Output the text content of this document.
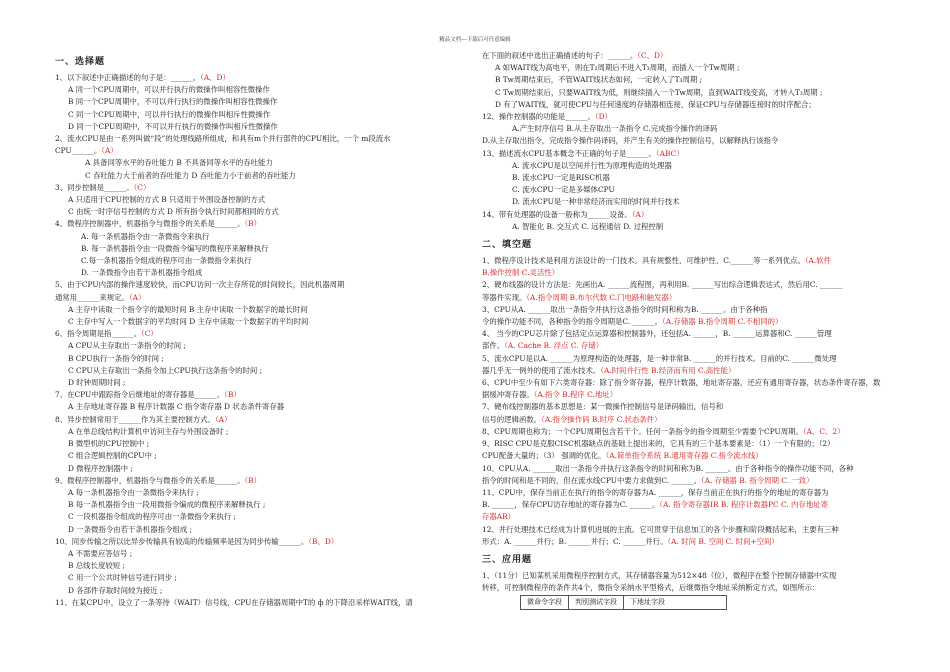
精品文档---下载后可任意编辑
一、选择题
1、以下叙述中正确描述的句子是：______。（A、D）
A 同一个CPU周期中，可以并行执行的微操作叫相容性微操作
B 同一个CPU周期中，不可以并行执行的微操作叫相容性微操作
C 同一个CPU周期中，可以并行执行的微操作叫相斥性微操作
D 同一个CPU周期中，不可以并行执行的微操作叫相斥性微操作
2、流水CPU是由一系列叫做“段”的处理线路所组成，和具有m个并行部件的CPU相比，一个 m段流水
CPU______。（A）
A 具备同等水平的吞吐能力 B 不具备同等水平的吞吐能力
C 吞吐能力大于前者的吞吐能力 D 吞吐能力小于前者的吞吐能力
3、同步控制是______。（C）
A 只适用于CPU控制的方式 B 只适用于外围设备控制的方式
C 由统一时序信号控制的方式 D 所有指令执行时间都相同的方式
4、微程序控制器中，机器指令与微指令的关系是______。（B）
A. 每一条机器指令由一条微指令来执行
B. 每一条机器指令由一段微指令编写的微程序来解释执行
C.每一条机器指令组成的程序可由一条微指令来执行
D. 一条微指令由若干条机器指令组成
5、由于CPU内部的操作速度较快，而CPU访问一次主存所花的时间较长，因此机器周期
通常用______来规定。（A）
A 主存中读取一个指令字的最短时间 B 主存中读取一个数据字的最长时间
C 主存中写入一个数据字的平均时间 D 主存中读取一个数据字的平均时间
6、指令周期是指______。（C）
A CPU从主存取出一条指令的时间 ;
B CPU执行一条指令的时间 ;
C CPU从主存取出一条指令加上CPU执行这条指令的时间 ;
D 时钟周期时间 ;
7、在CPU中跟踪指令后继地址的寄存器是______。（B）
A 主存地址寄存器 B 程序计数器 C 指令寄存器 D 状态条件寄存器
8、异步控制常用于______作为其主要控制方式。（A）
A 在单总线结构计算机中访问主存与外围设备时 ;
B 微型机的CPU控制中 ;
C 组合逻辑控制的CPU中 ;
D 微程序控制器中 ;
9、微程序控制器中，机器指令与微指令的关系是______。（B）
A 每一条机器指令由一条微指令来执行 ;
B 每一条机器指令由一段用微指令编成的微程序来解释执行 ;
C 一段机器指令组成的程序可由一条微指令来执行 ;
D 一条微指令由若干条机器指令组成 ;
10、同步传输之所以比异步传输具有较高的传输频率是因为同步传输______。（B、D）
A 不需要应答信号 ;
B 总线长度较短 ;
C 用一个公共时钟信号进行同步 ;
D 各部件存取时间较为接近 ;
11、在某CPU中，设立了一条等待（WAIT）信号线，CPU在存储器周期中T的 ф 的下降沿采样WAIT线，请
在下面的叙述中选出正确描述的句子：______。（C、D）
A 如WAIT线为高电平，则在T₂周期后不进入T₃周期，而插入一个Tw周期 ;
B Tw周期结束后，不管WAIT线状态如何，一定转入了T₃周期 ;
C Tw周期结束后，只要WAIT线为低，则继续插入一个Tw周期，直到WAIT线变高，才转入T₃周期 ;
D 有了WAIT线，就可使CPU与任何速度的存储器相连接，保证CPU与存储器连接时的时序配合；
12、操作控制器的功能是______。（D）
A.产生时序信号 B.从主存取出一条指令 C.完成指令操作的译码
D.从主存取出指令，完成指令操作码译码，并产生有关的操作控制信号，以解释执行该指令
13、描述流水CPU基本概念不正确的句子是______。（ABC）
A. 流水CPU是以空间并行性为原理构造的处理器
B. 流水CPU一定是RISC机器
C. 流水CPU一定是多媒体CPU
D. 流水CPU是一种非常经济而实用的时间并行技术
14、带有处理器的设备一般称为______设备。（A）
A. 智能化 B. 交互式 C. 远程通信 D. 过程控制
二、填空题
1、微程序设计技术是利用方法设计的一门技术。具有规整性、可维护性、C.______等一系列优点。（A.软件
B.操作控制 C.灵活性）
2、硬布线器的设计方法是：先画出A. ______流程图，再利用B. ______写出综合逻辑表达式，然后用C. ______
等器件实现。（A.指令周期 B.布尔代数 C.门电路和触发器）
3、CPU从A. ______取出一条指令并执行这条指令的时间和称为B. ______。由于各种指
令的操作功能不同，各种指令的指令周期是C. ______。（A.存储器 B.指令周期 C.不相同的）
4、 当今的CPU芯片除了包括定点运算器和控制器外，还包括A. ______，B. ______运算器和C. ______管理
部件。（A. Cache B. 浮点 C. 存储）
5、流水CPU是以A. ______为原理构造的处理器，是一种非常B. ______的并行技术。目前的C. ______微处理
器几乎无一例外的使用了流水技术。（A.时间并行性 B.经济而有用 C.高性能）
6、CPU中至少有如下六类寄存器：除了指令寄存器，程序计数器，地址寄存器，还应有通用寄存器，状态条件寄存器，数
据缓冲寄存器。（A.指令 B.程序 C.地址）
7、硬布线控制器的基本思想是：某一微操作控制信号是译码输出，信号和
信号的逻辑函数。（A.指令操作码 B.时序 C.状态条件）
8、CPU周期也称为；一个CPU周期包含若干个。任何一条指令的指令周期至少需要个CPU周期。（A、C、2）
9、RISC CPU是克服CISC机器缺点的基础上提出来的，它具有的三个基本要素是：（1）一个有限的；（2）
CPU配备大量的；（3） 强调的优化。（A.简单指令系统 B.通用寄存器 C.指令流水线）
10、CPU从A. ______取出一条指令并执行这条指令的时间和称为B. ______。由于各种指令的操作功能不同，各种
指令的时间和是不同的，但在流水线CPU中要力求做到C. ______。（A. 存储器 B. 指令周期 C. 一致）
11、CPU中，保存当前正在执行的指令的寄存器为A. ______，保存当前正在执行的指令的地址的寄存器为
B. ______，保存CPU访存地址的寄存器为C. ______。（A. 指令寄存器IR B. 程序计数器PC C. 内存地址寄
存器AR）
12、并行处理技术已经成为计算机进展的主流。它可贯穿于信息加工的各个步骤和阶段概括起来，主要有三种
形式：A. ______并行；B. ______并行；C. ______并行。（A. 时间 B. 空间 C. 时间+空间）
三、应用题
1、（11分）已知某机采用微程序控制方式，其存储器容量为512×48（位），微程序在整个控制存储器中实现
转移，可控制微程序的条件共4个，微指令采纳水平型格式，后继微指令地址采纳断定方式，如图所示：
微命令字段	判别测试字段	下地址字段
